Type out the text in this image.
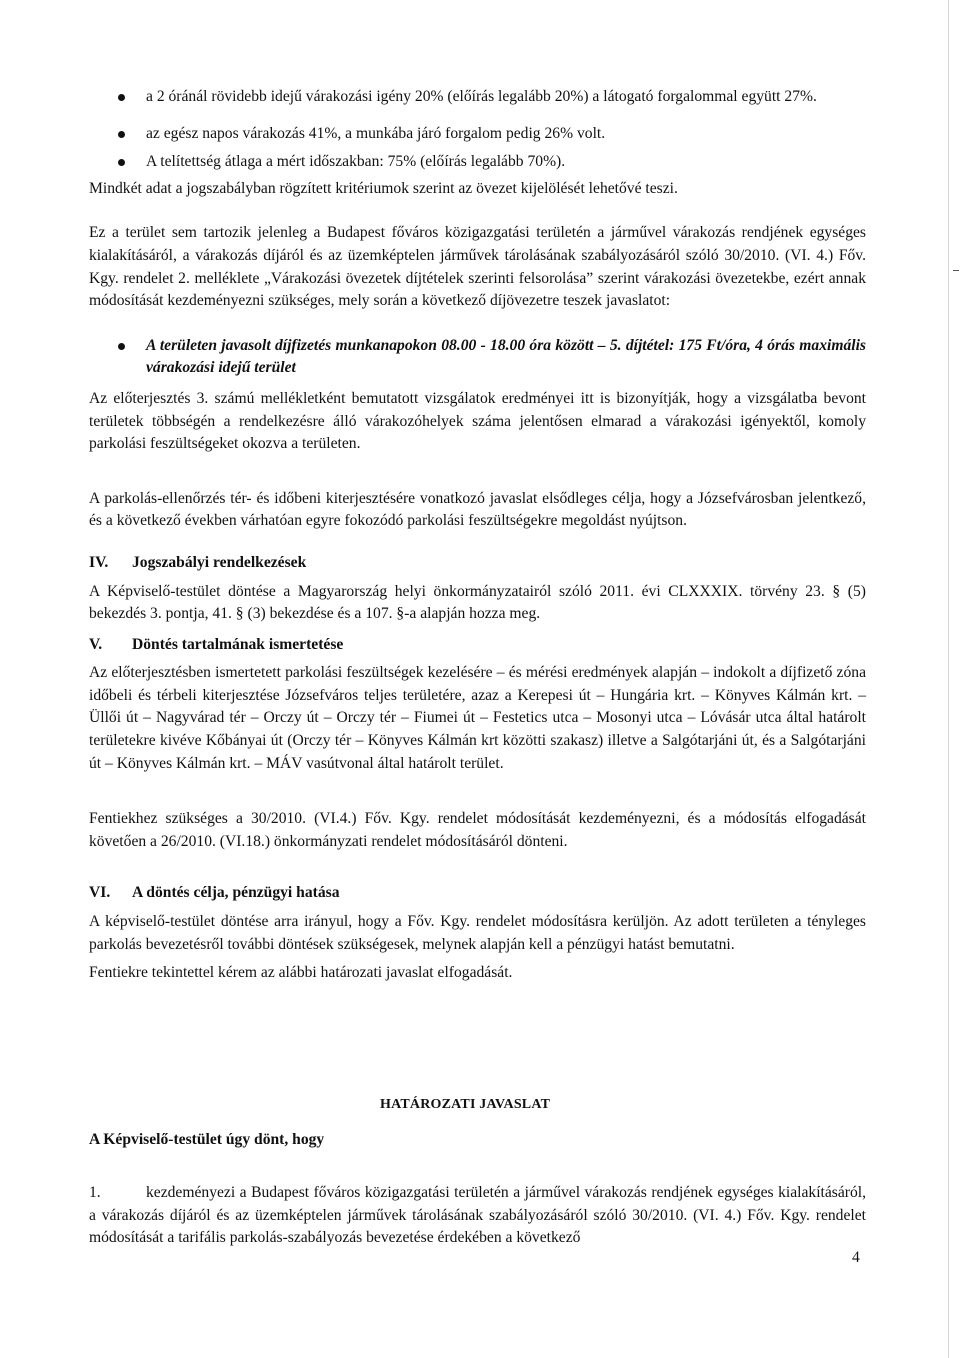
a 2 óránál rövidebb idejű várakozási igény 20% (előírás legalább 20%) a látogató forgalommal együtt 27%.

az egész napos várakozás 41%, a munkába járó forgalom pedig 26% volt.

A telítettség átlaga a mért időszakban: 75% (előírás legalább 70%).

Mindkét adat a jogszabályban rögzített kritériumok szerint az övezet kijelölését lehetővé teszi.

Ez a terület sem tartozik jelenleg a Budapest főváros közigazgatási területén a járművel várakozás rendjének egységes kialakításáról, a várakozás díjáról és az üzemképtelen járművek tárolásának szabályozásáról szóló 30/2010. (VI. 4.) Főv. Kgy. rendelet 2. melléklete „Várakozási övezetek díjtételek szerinti felsorolása” szerint várakozási övezetekbe, ezért annak módosítását kezdeményezni szükséges, mely során a következő díjövezetre teszek javaslatot:

A területen javasolt díjfizetés munkanapokon 08.00 - 18.00 óra között – 5. díjtétel: 175 Ft/óra, 4 órás maximális várakozási idejű terület

Az előterjesztés 3. számú mellékletként bemutatott vizsgálatok eredményei itt is bizonyítják, hogy a vizsgálatba bevont területek többségén a rendelkezésre álló várakozóhelyek száma jelentősen elmarad a várakozási igényektől, komoly parkolási feszültségeket okozva a területen.

A parkolás-ellenőrzés tér- és időbeni kiterjesztésére vonatkozó javaslat elsődleges célja, hogy a Józsefvárosban jelentkező, és a következő években várhatóan egyre fokozódó parkolási feszültségekre megoldást nyújtson.

IV. Jogszabályi rendelkezések

A Képviselő-testület döntése a Magyarország helyi önkormányzatairól szóló 2011. évi CLXXXIX. törvény 23. § (5) bekezdés 3. pontja, 41. § (3) bekezdése és a 107. §-a alapján hozza meg.

V. Döntés tartalmának ismertetése

Az előterjesztésben ismertetett parkolási feszültségek kezelésére – és mérési eredmények alapján – indokolt a díjfizető zóna időbeli és térbeli kiterjesztése Józsefváros teljes területére, azaz a Kerepesi út – Hungária krt. – Könyves Kálmán krt. – Üllői út – Nagyvárad tér – Orczy út – Orczy tér – Fiumei út – Festetics utca – Mosonyi utca – Lóvásár utca által határolt területekre kivéve Kőbányai út (Orczy tér – Könyves Kálmán krt közötti szakasz) illetve a Salgótarjáni út, és a Salgótarjáni út – Könyves Kálmán krt. – MÁV vasútvonal által határolt terület.

Fentiekhez szükséges a 30/2010. (VI.4.) Főv. Kgy. rendelet módosítását kezdeményezni, és a módosítás elfogadását követően a 26/2010. (VI.18.) önkormányzati rendelet módosításáról dönteni.

VI. A döntés célja, pénzügyi hatása

A képviselő-testület döntése arra irányul, hogy a Főv. Kgy. rendelet módosításra kerüljön. Az adott területen a tényleges parkolás bevezetésről további döntések szükségesek, melynek alapján kell a pénzügyi hatást bemutatni.

Fentiekre tekintettel kérem az alábbi határozati javaslat elfogadását.

HATÁROZATI JAVASLAT
A Képviselő-testület úgy dönt, hogy

1.	kezdeményezi a Budapest főváros közigazgatási területén a járművel várakozás rendjének egységes kialakításáról, a várakozás díjáról és az üzemképtelen járművek tárolásának szabályozásáról szóló 30/2010. (VI. 4.) Főv. Kgy. rendelet módosítását a tarifális parkolás-szabályozás bevezetése érdekében a következő

4
